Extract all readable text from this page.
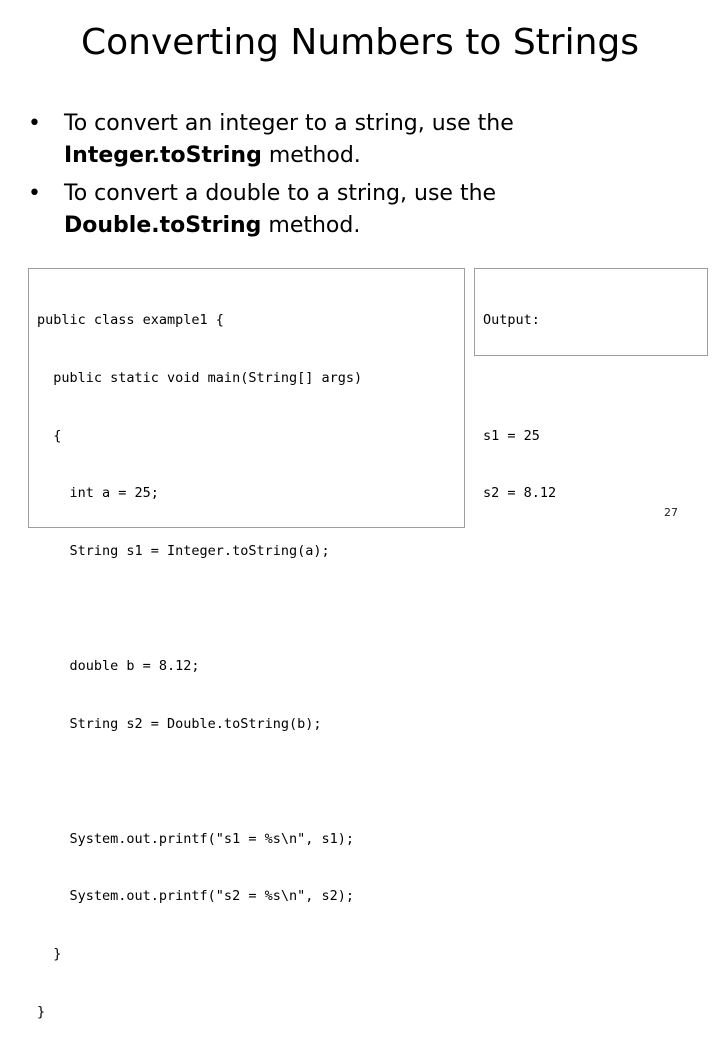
Converting Numbers to Strings
•	To convert an integer to a string, use the Integer.toString method.
•	To convert a double to a string, use the Double.toString method.

public class example1 {

public static void main(String[] args)

{

int a = 25;

String s1 = Integer.toString(a);

double b = 8.12;

String s2 = Double.toString(b);

System.out.printf("s1 = %s\n", s1);

System.out.printf("s2 = %s\n", s2);

}

}

Output:

s1 = 25

s2 = 8.12

27
